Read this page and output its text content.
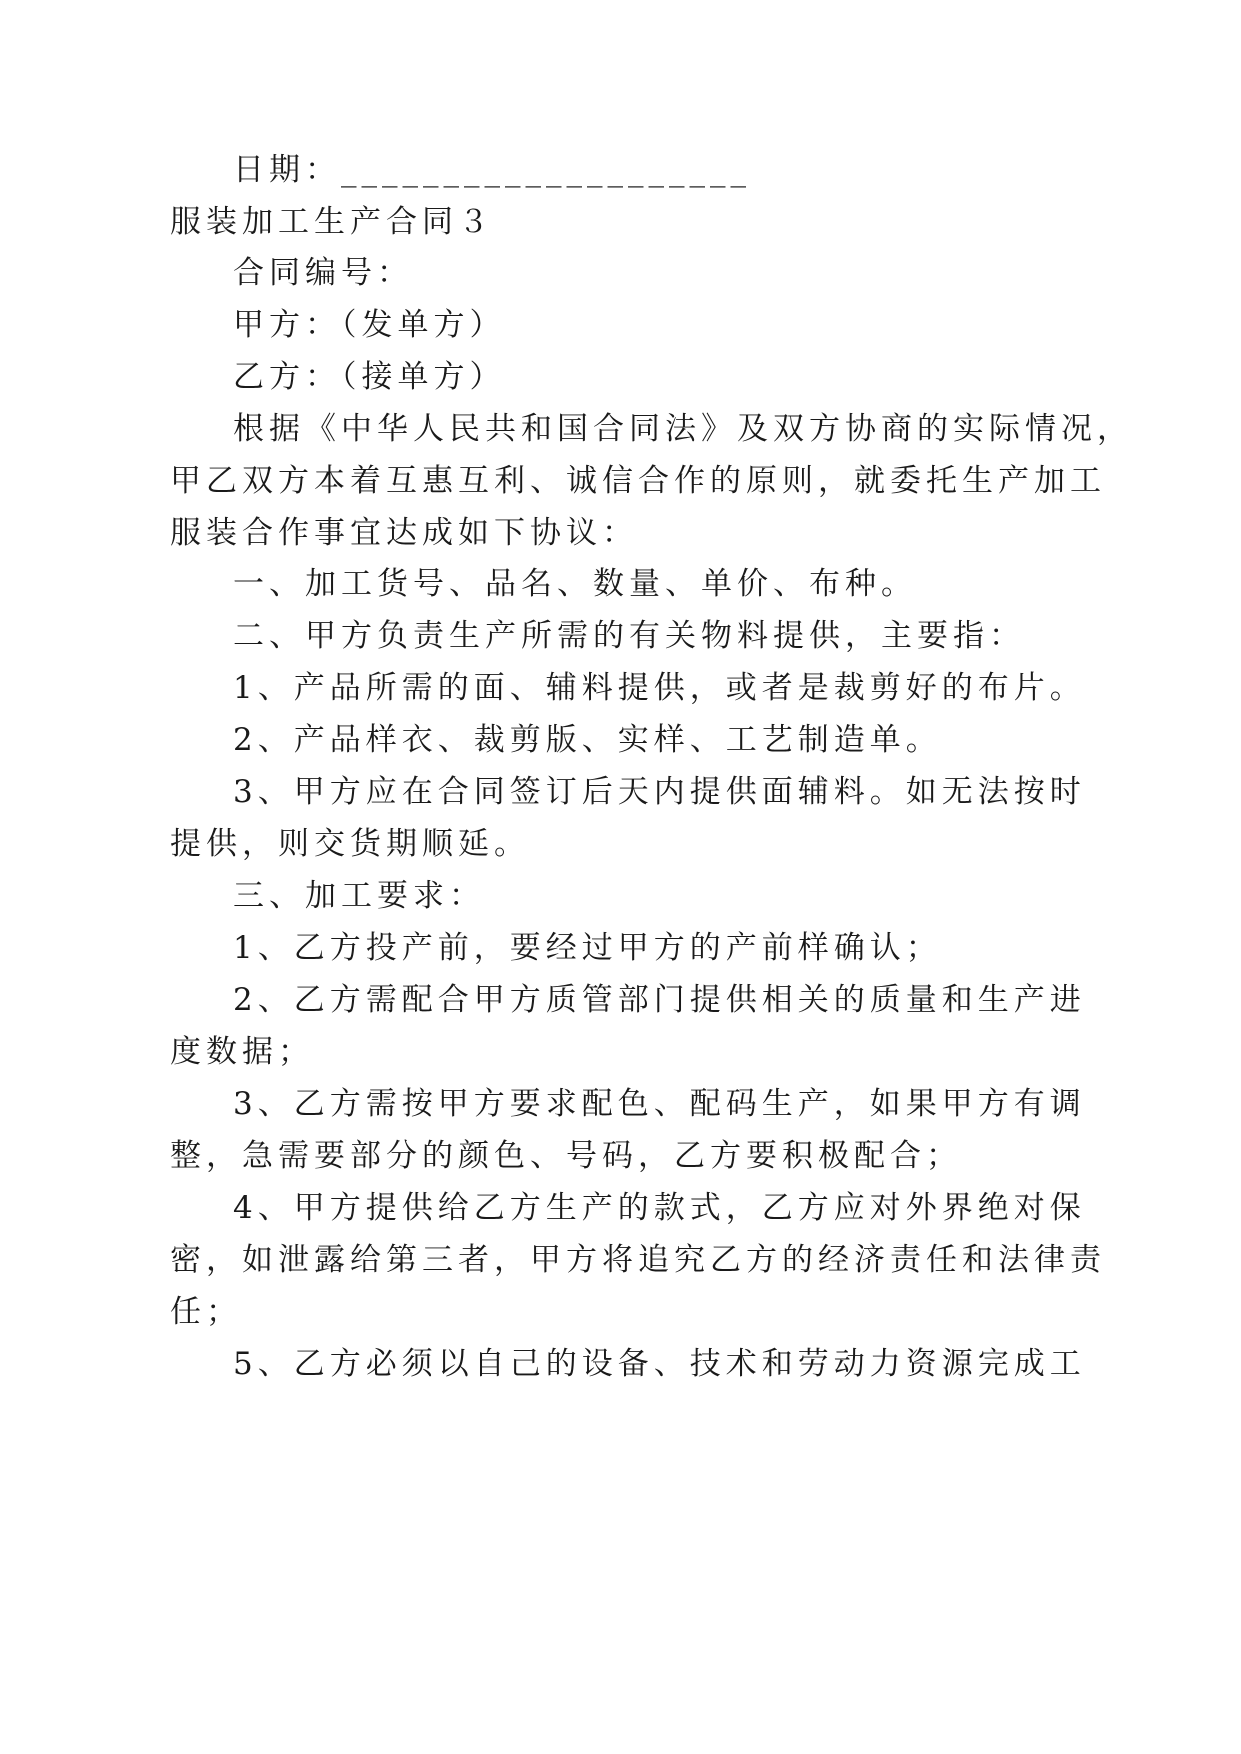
日期：____________________
服装加工生产合同３
合同编号：
甲方：（发单方）
乙方：（接单方）
根据《中华人民共和国合同法》及双方协商的实际情况，
甲乙双方本着互惠互利、诚信合作的原则，就委托生产加工
服装合作事宜达成如下协议：
一、加工货号、品名、数量、单价、布种。
二、甲方负责生产所需的有关物料提供，主要指：
1、产品所需的面、辅料提供，或者是裁剪好的布片。
2、产品样衣、裁剪版、实样、工艺制造单。
3、甲方应在合同签订后天内提供面辅料。如无法按时
提供，则交货期顺延。
三、加工要求：
1、乙方投产前，要经过甲方的产前样确认；
2、乙方需配合甲方质管部门提供相关的质量和生产进
度数据；
3、乙方需按甲方要求配色、配码生产，如果甲方有调
整，急需要部分的颜色、号码，乙方要积极配合；
4、甲方提供给乙方生产的款式，乙方应对外界绝对保
密，如泄露给第三者，甲方将追究乙方的经济责任和法律责
任；
5、乙方必须以自己的设备、技术和劳动力资源完成工
